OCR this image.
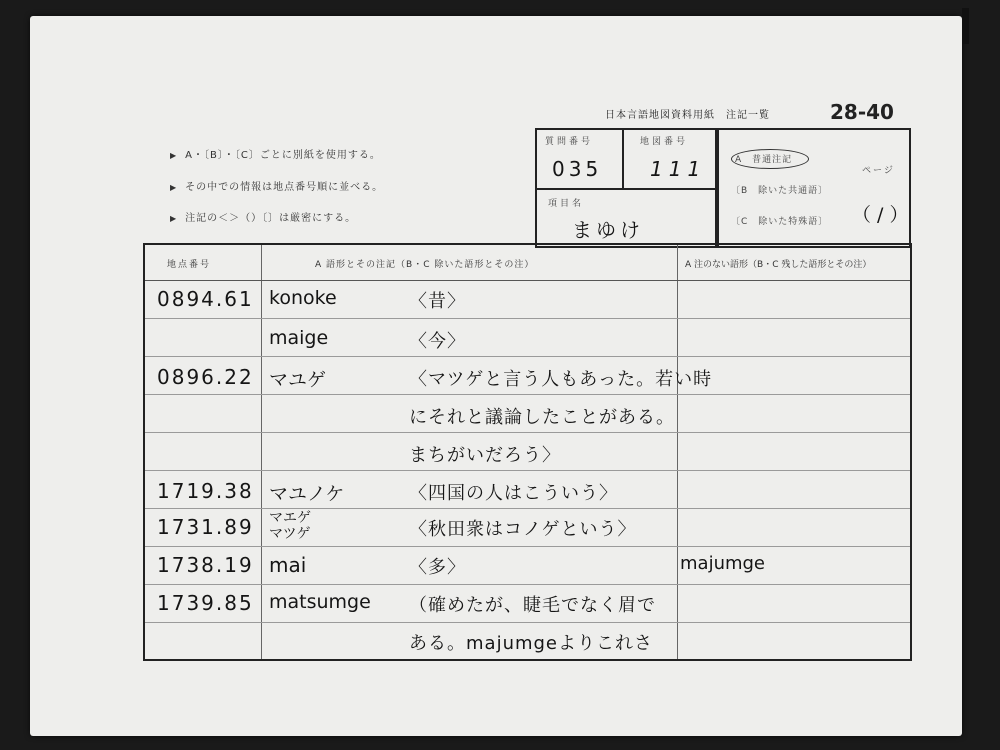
日本言語地図資料用紙　注記一覧	28-40
▶ A・〔B〕・〔C〕ごとに別紙を使用する。
▶ その中での情報は地点番号順に並べる。
▶ 注記の＜＞（）〔〕は厳密にする。
質問番号
035
地図番号
111
項目名
まゆけ
A　普通注記
〔B　除いた共通語〕
〔C　除いた特殊語〕
ページ
（ / ）
地点番号	A 語形とその注記（B・C 除いた語形とその注）	A 注のない語形（B・C 残した語形とその注）
0894.61 konoke	〈昔〉
maige	〈今〉
0896.22 マユゲ	〈マツゲと言う人もあった。若い時
にそれと議論したことがある。
まちがいだろう〉
1719.38 マユノケ	〈四国の人はこういう〉
1731.89 マエゲ
マツゲ	〈秋田衆はコノゲという〉
1738.19 mai	〈多〉	majumge
1739.85 matsumge （確めたが、睫毛でなく眉で
ある。majumgeよりこれさ
